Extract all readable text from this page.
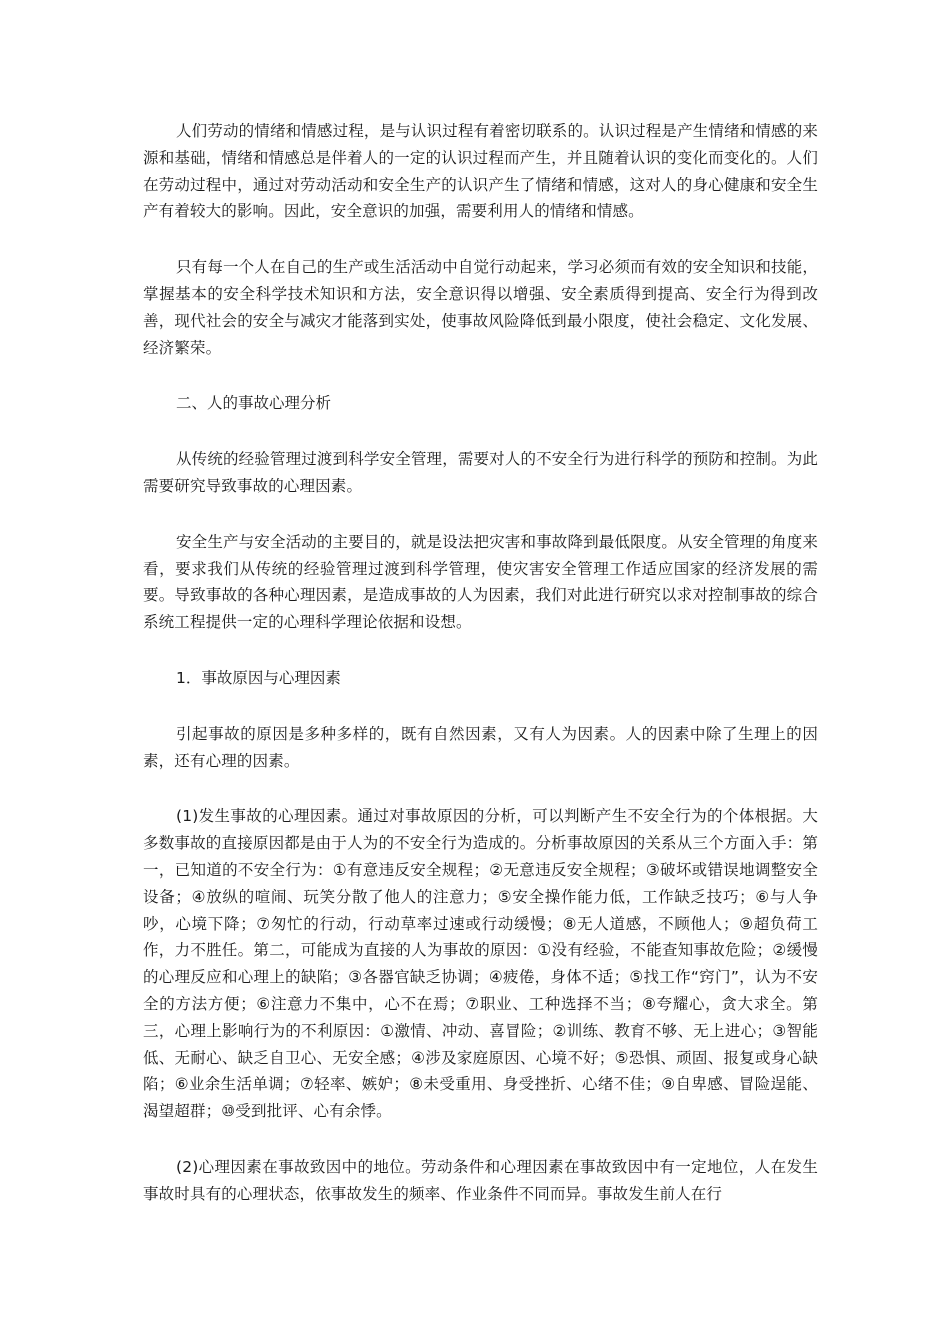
人们劳动的情绪和情感过程，是与认识过程有着密切联系的。认识过程是产生情绪和情感的来源和基础，情绪和情感总是伴着人的一定的认识过程而产生，并且随着认识的变化而变化的。人们在劳动过程中，通过对劳动活动和安全生产的认识产生了情绪和情感，这对人的身心健康和安全生产有着较大的影响。因此，安全意识的加强，需要利用人的情绪和情感。

只有每一个人在自己的生产或生活活动中自觉行动起来，学习必须而有效的安全知识和技能，掌握基本的安全科学技术知识和方法，安全意识得以增强、安全素质得到提高、安全行为得到改善，现代社会的安全与减灾才能落到实处，使事故风险降低到最小限度，使社会稳定、文化发展、经济繁荣。

二、人的事故心理分析

从传统的经验管理过渡到科学安全管理，需要对人的不安全行为进行科学的预防和控制。为此需要研究导致事故的心理因素。

安全生产与安全活动的主要目的，就是设法把灾害和事故降到最低限度。从安全管理的角度来看，要求我们从传统的经验管理过渡到科学管理，使灾害安全管理工作适应国家的经济发展的需要。导致事故的各种心理因素，是造成事故的人为因素，我们对此进行研究以求对控制事故的综合系统工程提供一定的心理科学理论依据和设想。

1．事故原因与心理因素

引起事故的原因是多种多样的，既有自然因素，又有人为因素。人的因素中除了生理上的因素，还有心理的因素。

(1)发生事故的心理因素。通过对事故原因的分析，可以判断产生不安全行为的个体根据。大多数事故的直接原因都是由于人为的不安全行为造成的。分析事故原因的关系从三个方面入手：第一，已知道的不安全行为：①有意违反安全规程；②无意违反安全规程；③破坏或错误地调整安全设备；④放纵的喧闹、玩笑分散了他人的注意力；⑤安全操作能力低，工作缺乏技巧；⑥与人争吵，心境下降；⑦匆忙的行动，行动草率过速或行动缓慢；⑧无人道感，不顾他人；⑨超负荷工作，力不胜任。第二，可能成为直接的人为事故的原因：①没有经验，不能查知事故危险；②缓慢的心理反应和心理上的缺陷；③各器官缺乏协调；④疲倦，身体不适；⑤找工作“窍门”，认为不安全的方法方便；⑥注意力不集中，心不在焉；⑦职业、工种选择不当；⑧夸耀心，贪大求全。第三，心理上影响行为的不利原因：①激情、冲动、喜冒险；②训练、教育不够、无上进心；③智能低、无耐心、缺乏自卫心、无安全感；④涉及家庭原因、心境不好；⑤恐惧、顽固、报复或身心缺陷；⑥业余生活单调；⑦轻率、嫉妒；⑧未受重用、身受挫折、心绪不佳；⑨自卑感、冒险逞能、渴望超群；⑩受到批评、心有余悸。

(2)心理因素在事故致因中的地位。劳动条件和心理因素在事故致因中有一定地位，人在发生事故时具有的心理状态，依事故发生的频率、作业条件不同而异。事故发生前人在行
